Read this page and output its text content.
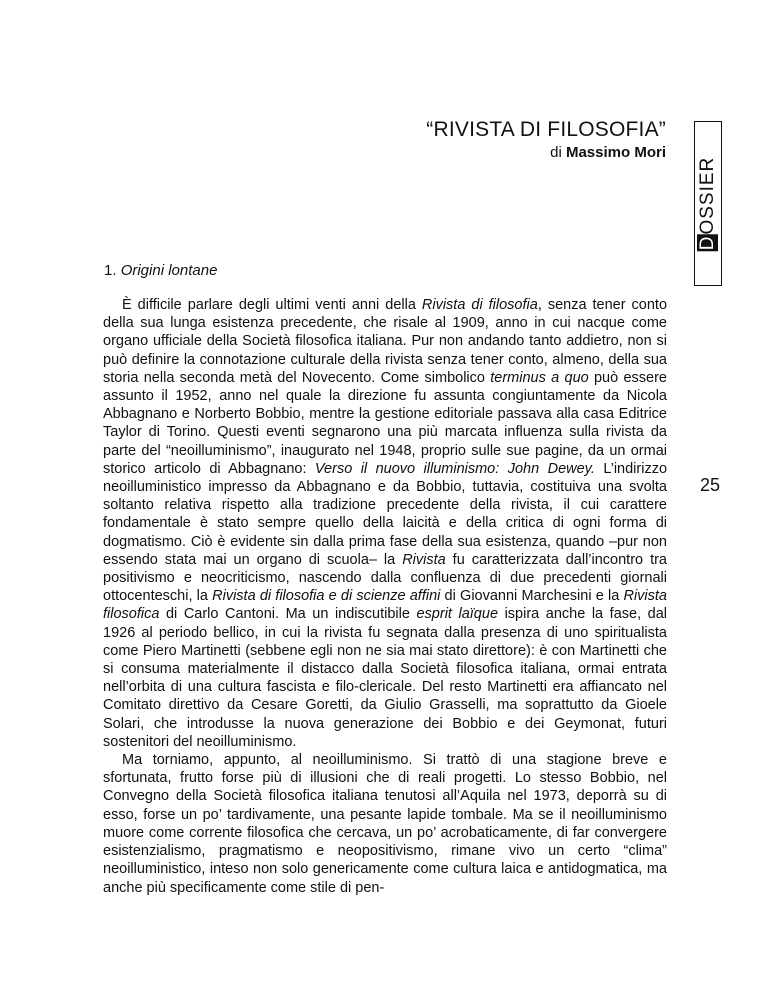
“RIVISTA DI FILOSOFIA”
di Massimo Mori
DOSSIER
1. Origini lontane
25

È difficile parlare degli ultimi venti anni della Rivista di filosofia, senza tener conto della sua lunga esistenza precedente, che risale al 1909, anno in cui nacque come organo ufficiale della Società filosofica italiana. Pur non andando tanto addietro, non si può definire la connotazione culturale della rivista senza tener conto, almeno, della sua storia nella seconda metà del Novecento. Come simbolico terminus a quo può essere assunto il 1952, anno nel quale la direzione fu assunta congiuntamente da Nicola Abbagnano e Norberto Bobbio, mentre la gestione editoriale passava alla casa Editrice Taylor di Torino. Questi eventi segnarono una più marcata influenza sulla rivista da parte del “neoilluminismo”, inaugurato nel 1948, proprio sulle sue pagine, da un ormai storico articolo di Abbagnano: Verso il nuovo illuminismo: John Dewey. L’indirizzo neoilluministico impresso da Abbagnano e da Bobbio, tuttavia, costituiva una svolta soltanto relativa rispetto alla tradizione precedente della rivista, il cui carattere fondamentale è stato sempre quello della laicità e della critica di ogni forma di dogmatismo. Ciò è evidente sin dalla prima fase della sua esistenza, quando –pur non essendo stata mai un organo di scuola– la Rivista fu caratterizzata dall’incontro tra positivismo e neocriticismo, nascendo dalla confluenza di due precedenti giornali ottocenteschi, la Rivista di filosofia e di scienze affini di Giovanni Marchesini e la Rivista filosofica di Carlo Cantoni. Ma un indiscutibile esprit laïque ispira anche la fase, dal 1926 al periodo bellico, in cui la rivista fu segnata dalla presenza di uno spiritualista come Piero Martinetti (sebbene egli non ne sia mai stato direttore): è con Martinetti che si consuma materialmente il distacco dalla Società filosofica italiana, ormai entrata nell’orbita di una cultura fascista e filo-clericale. Del resto Martinetti era affiancato nel Comitato direttivo da Cesare Goretti, da Giulio Grasselli, ma soprattutto da Gioele Solari, che introdusse la nuova generazione dei Bobbio e dei Geymonat, futuri sostenitori del neoilluminismo.

Ma torniamo, appunto, al neoilluminismo. Si trattò di una stagione breve e sfortunata, frutto forse più di illusioni che di reali progetti. Lo stesso Bobbio, nel Convegno della Società filosofica italiana tenutosi all’Aquila nel 1973, deporrà su di esso, forse un po’ tardivamente, una pesante lapide tombale. Ma se il neoilluminismo muore come corrente filosofica che cercava, un po’ acrobaticamente, di far convergere esistenzialismo, pragmatismo e neopositivismo, rimane vivo un certo “clima” neoilluministico, inteso non solo genericamente come cultura laica e antidogmatica, ma anche più specificamente come stile di pen-
